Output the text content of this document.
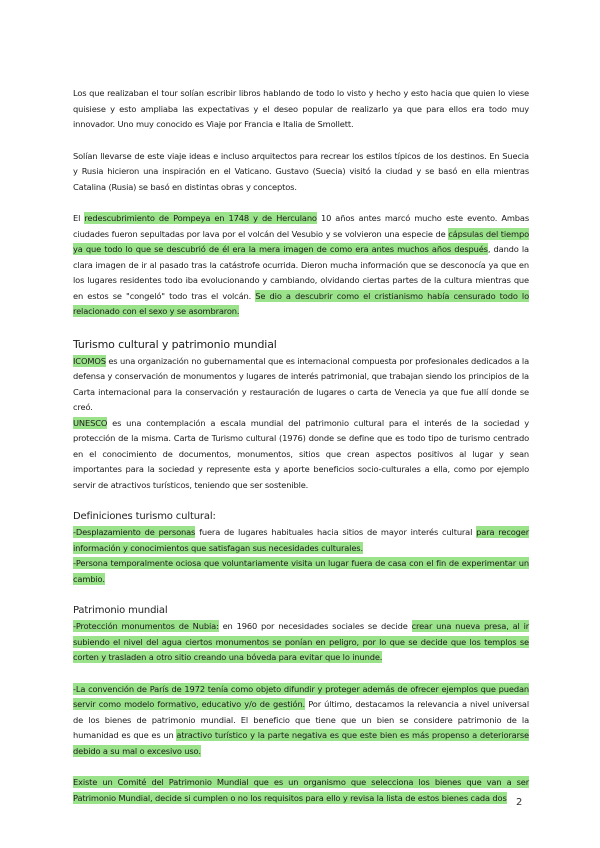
Los que realizaban el tour solían escribir libros hablando de todo lo visto y hecho y esto hacia que quien lo viese quisiese y esto ampliaba las expectativas y el deseo popular de realizarlo ya que para ellos era todo muy innovador. Uno muy conocido es Viaje por Francia e Italia de Smollett.

Solían llevarse de este viaje ideas e incluso arquitectos para recrear los estilos típicos de los destinos. En Suecia y Rusia hicieron una inspiración en el Vaticano. Gustavo (Suecia) visitó la ciudad y se basó en ella mientras Catalina (Rusia) se basó en distintas obras y conceptos.

El redescubrimiento de Pompeya en 1748 y de Herculano 10 años antes marcó mucho este evento. Ambas ciudades fueron sepultadas por lava por el volcán del Vesubio y se volvieron una especie de cápsulas del tiempo ya que todo lo que se descubrió de él era la mera imagen de como era antes muchos años después, dando la clara imagen de ir al pasado tras la catástrofe ocurrida. Dieron mucha información que se desconocía ya que en los lugares residentes todo iba evolucionando y cambiando, olvidando ciertas partes de la cultura mientras que en estos se "congeló" todo tras el volcán. Se dio a descubrir como el cristianismo había censurado todo lo relacionado con el sexo y se asombraron.

Turismo cultural y patrimonio mundial

ICOMOS es una organización no gubernamental que es internacional compuesta por profesionales dedicados a la defensa y conservación de monumentos y lugares de interés patrimonial, que trabajan siendo los principios de la Carta internacional para la conservación y restauración de lugares o carta de Venecia ya que fue allí donde se creó.

UNESCO es una contemplación a escala mundial del patrimonio cultural para el interés de la sociedad y protección de la misma. Carta de Turismo cultural (1976) donde se define que es todo tipo de turismo centrado en el conocimiento de documentos, monumentos, sitios que crean aspectos positivos al lugar y sean importantes para la sociedad y represente esta y aporte beneficios socio-culturales a ella, como por ejemplo servir de atractivos turísticos, teniendo que ser sostenible.

Definiciones turismo cultural:

-Desplazamiento de personas fuera de lugares habituales hacia sitios de mayor interés cultural para recoger información y conocimientos que satisfagan sus necesidades culturales.

-Persona temporalmente ociosa que voluntariamente visita un lugar fuera de casa con el fin de experimentar un cambio.

Patrimonio mundial

-Protección monumentos de Nubia: en 1960 por necesidades sociales se decide crear una nueva presa, al ir subiendo el nivel del agua ciertos monumentos se ponían en peligro, por lo que se decide que los templos se corten y trasladen a otro sitio creando una bóveda para evitar que lo inunde.

-La convención de París de 1972 tenía como objeto difundir y proteger además de ofrecer ejemplos que puedan servir como modelo formativo, educativo y/o de gestión. Por último, destacamos la relevancia a nivel universal de los bienes de patrimonio mundial. El beneficio que tiene que un bien se considere patrimonio de la humanidad es que es un atractivo turístico y la parte negativa es que este bien es más propenso a deteriorarse debido a su mal o excesivo uso.

Existe un Comité del Patrimonio Mundial que es un organismo que selecciona los bienes que van a ser Patrimonio Mundial, decide si cumplen o no los requisitos para ello y revisa la lista de estos bienes cada dos 2
